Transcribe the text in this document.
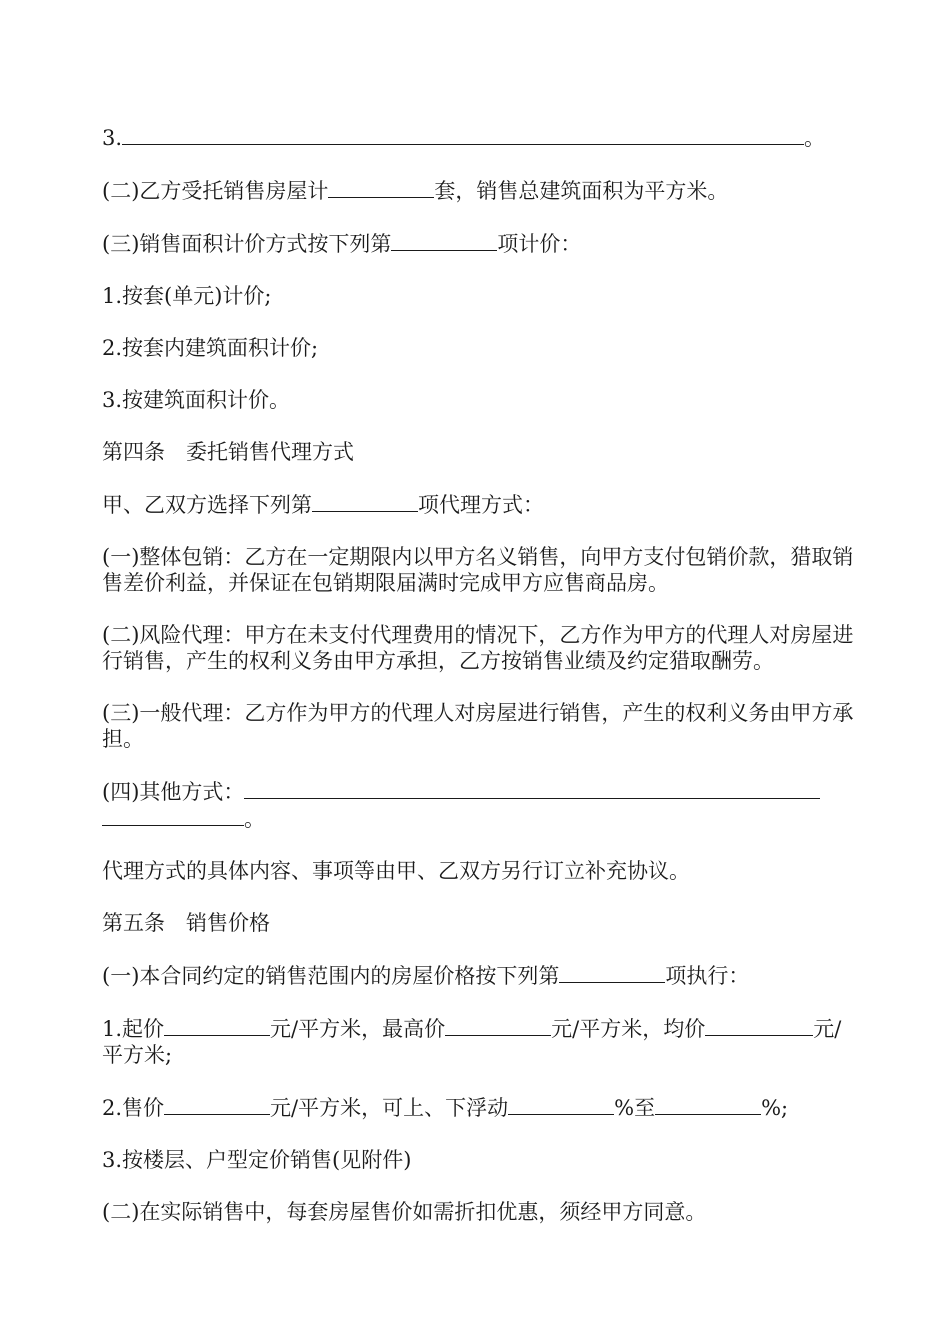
3.	。

(二)乙方受托销售房屋计	套，销售总建筑面积为平方米。

(三)销售面积计价方式按下列第	项计价：

1.按套(单元)计价;

2.按套内建筑面积计价;

3.按建筑面积计价。

第四条　委托销售代理方式

甲、乙双方选择下列第	项代理方式：

(一)整体包销：乙方在一定期限内以甲方名义销售，向甲方支付包销价款，猎取销售差价利益，并保证在包销期限届满时完成甲方应售商品房。

(二)风险代理：甲方在未支付代理费用的情况下，乙方作为甲方的代理人对房屋进行销售，产生的权利义务由甲方承担，乙方按销售业绩及约定猎取酬劳。

(三)一般代理：乙方作为甲方的代理人对房屋进行销售，产生的权利义务由甲方承担。

(四)其他方式：。

代理方式的具体内容、事项等由甲、乙双方另行订立补充协议。

第五条　销售价格

(一)本合同约定的销售范围内的房屋价格按下列第	项执行：

1.起价	元/平方米，最高价	元/平方米，均价	元/平方米;

2.售价	元/平方米，可上、下浮动	%至	%;

3.按楼层、户型定价销售(见附件)

(二)在实际销售中，每套房屋售价如需折扣优惠，须经甲方同意。
